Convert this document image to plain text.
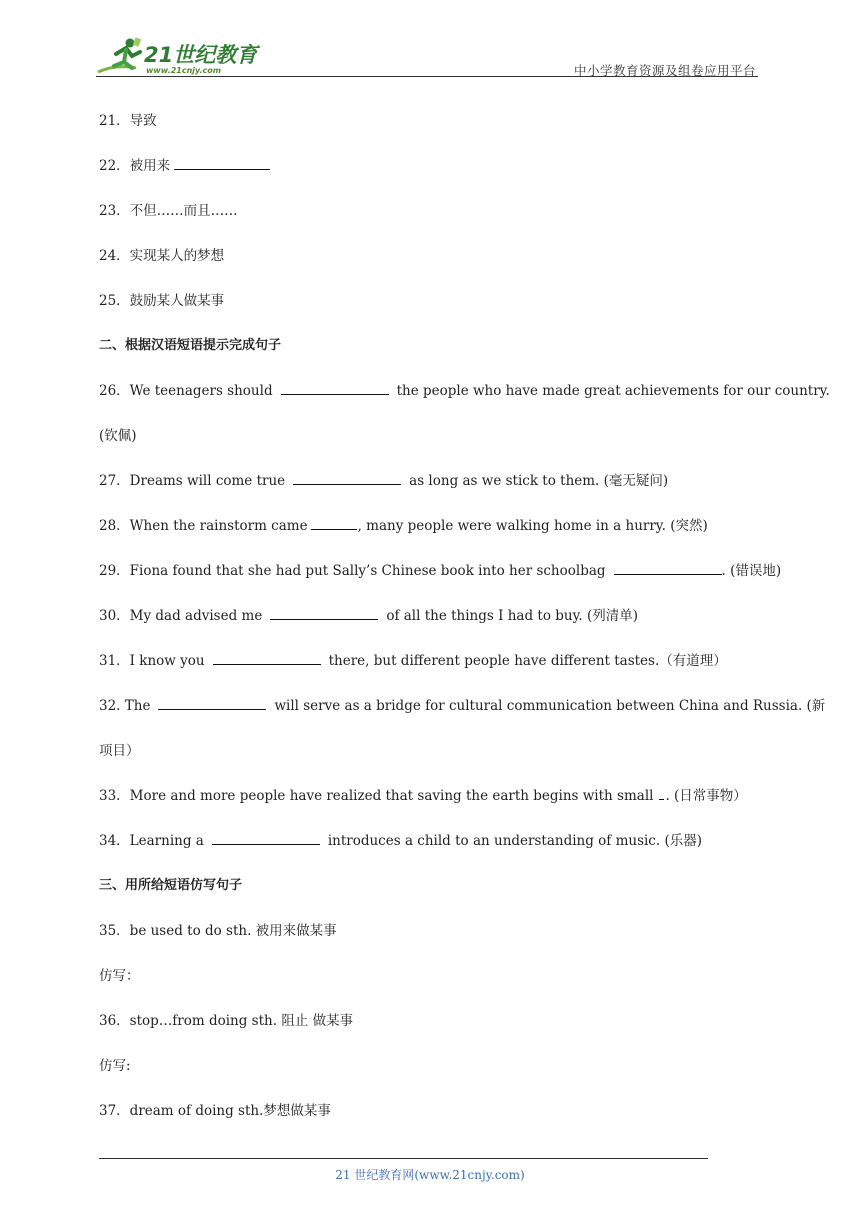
21世纪教育
www.21cnjy.com	中小学教育资源及组卷应用平台
21．导致
22．被用来
23．不但……而且……
24．实现某人的梦想
25．鼓励某人做某事
二、根据汉语短语提示完成句子
26．We teenagers should	the people who have made great achievements for our country.
(钦佩)
27．Dreams will come true	as long as we stick to them. (毫无疑问)
28．When the rainstorm came	, many people were walking home in a hurry. (突然)
29．Fiona found that she had put Sally’s Chinese book into her schoolbag	. (错误地)
30．My dad advised me	of all the things I had to buy. (列清单)
31．I know you	there, but different people have different tastes.（有道理）
32. The	will serve as a bridge for cultural communication between China and Russia. (新
项目）
33．More and more people have realized that saving the earth begins with small . (日常事物）
34．Learning a	introduces a child to an understanding of music. (乐器)
三、用所给短语仿写句子
35．be used to do sth. 被用来做某事
仿写：
36．stop…from doing sth. 阻止 做某事
仿写:
37．dream of doing sth.梦想做某事
21 世纪教育网(www.21cnjy.com)
